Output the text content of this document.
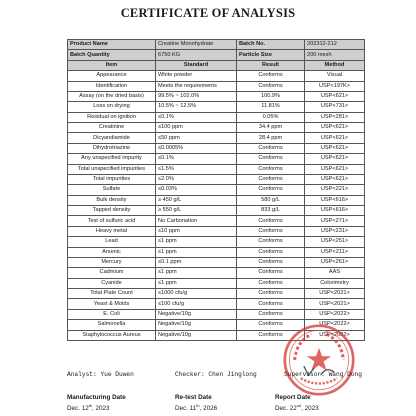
CERTIFICATE OF ANALYSIS
Product Name	Creatine Monohydrate	Batch No.	202312-212
Batch Quantity	6750 KG	Particle Size	200 mesh
Item	Standard	Result	Method
Appearance	White powder	Conforms	Visual
Identification	Meets the requirements	Conforms	USP<197K>
Assay (on the dried basis)	99.5% ~ 102.0%	100.9%	USP<621>
Loss on drying	10.5% ~ 12.5%	11.81%	USP<731>
Residual on ignition	≤0.1%	0.05%	USP<281>
Creatinine	≤100 ppm	34.4 ppm	USP<621>
Dicyandiamide	≤50 ppm	28.4 ppm	USP<621>
Dihydrotriazine	≤0.0005%	Conforms	USP<621>
Any unspecified impurity	≤0.1%	Conforms	USP<621>
Total unspecified impurities	≤1.5%	Conforms	USP<621>
Total impurities	≤2.0%	Conforms	USP<621>
Sulfate	≤0.03%	Conforms	USP<221>
Bulk density	≥ 450 g/L	580 g/L	USP<616>
Tapped density	≥ 550 g/L	833 g/L	USP<616>
Test of sulfuric acid	No Carbonation	Conforms	USP<271>
Heavy metal	≤10 ppm	Conforms	USP<231>
Lead	≤1 ppm	Conforms	USP<251>
Arsenic	≤1 ppm	Conforms	USP<211>
Mercury	≤0.1 ppm	Conforms	USP<261>
Cadmium	≤1 ppm	Conforms	AAS
Cyanide	≤1 ppm	Conforms	Colorimetry
Total Plate Count	≤1000 cfu/g	Conforms	USP<2021>
Yeast & Molds	≤100 cfu/g	Conforms	USP<2021>
E. Coli	Negative/10g	Conforms	USP<2022>
Salmonella	Negative/10g	Conforms	USP<2022>
Staphylococcus Aureus	Negative/10g	Conforms	USP<2022>
Analyst: Yue Duwen	Checker: Chen Jinglong	Supervisor: Wang Dong
Manufacturing Date	Re-test Date	Report Date
Dec. 12th, 2023	Dec. 11th, 2026	Dec. 22nd, 2023
